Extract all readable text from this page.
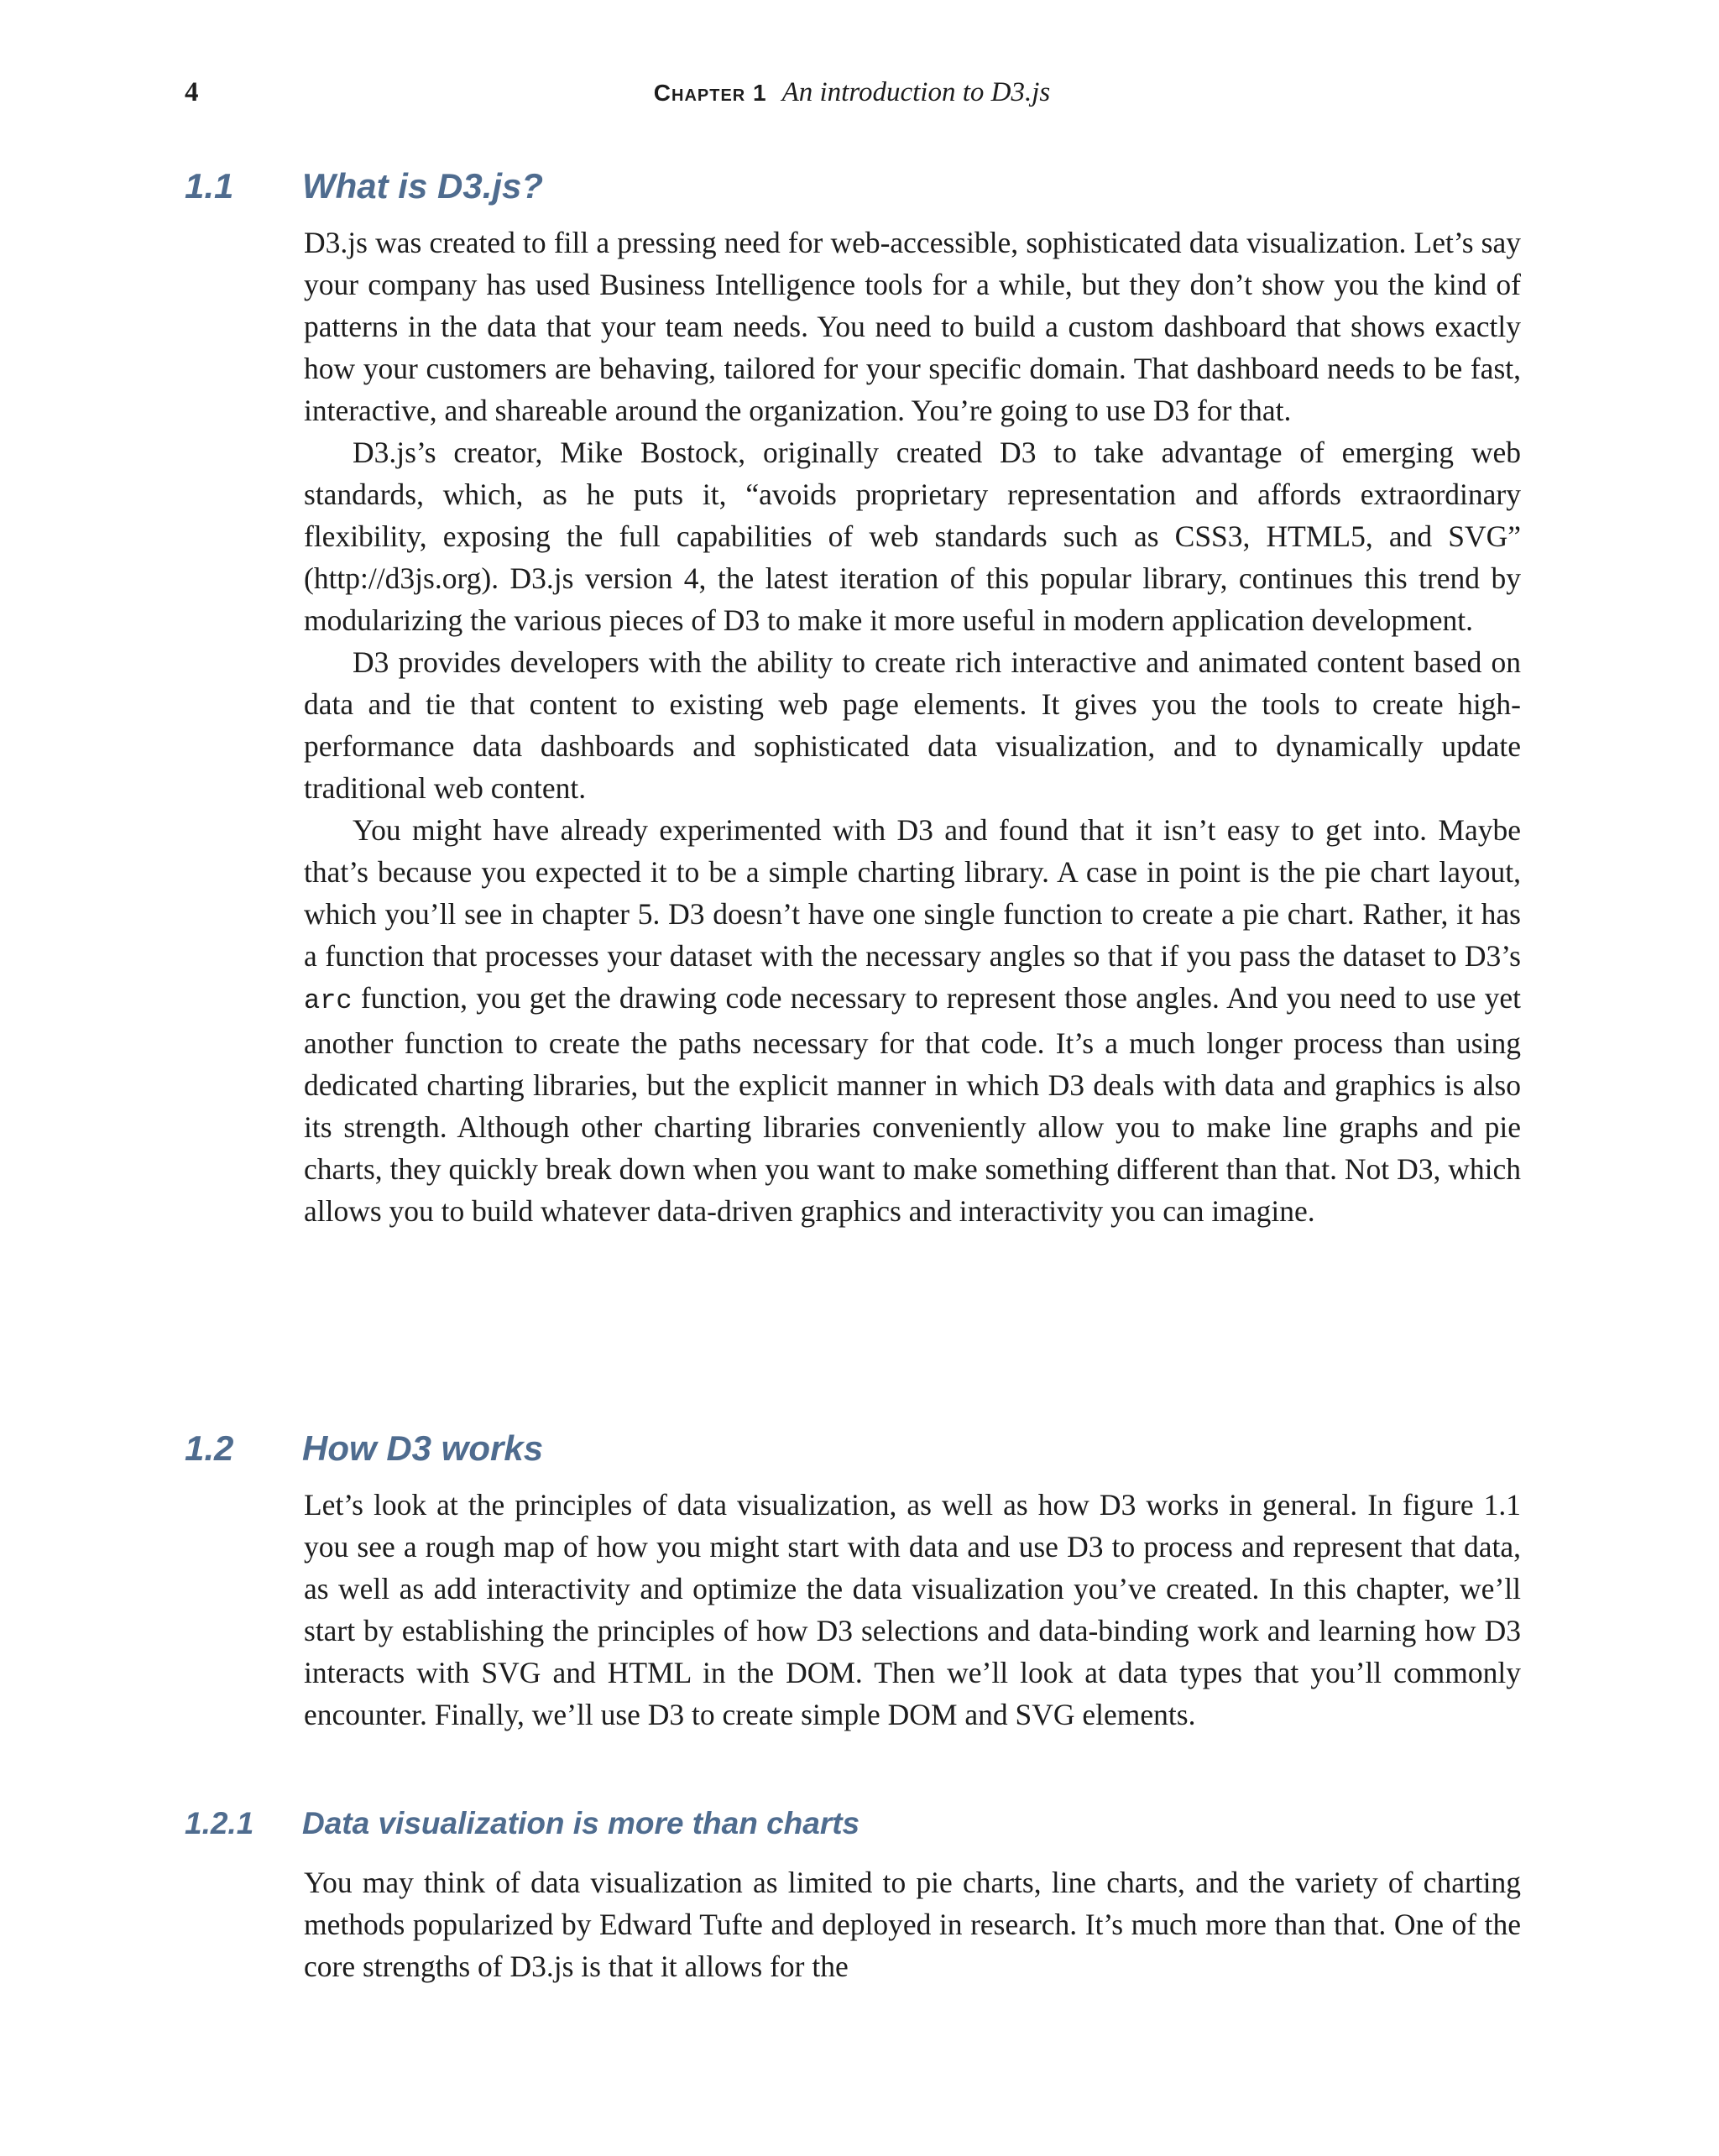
4	Chapter 1 An introduction to D3.js
1.1 What is D3.js?

D3.js was created to fill a pressing need for web-accessible, sophisticated data visualization. Let’s say your company has used Business Intelligence tools for a while, but they don’t show you the kind of patterns in the data that your team needs. You need to build a custom dashboard that shows exactly how your customers are behaving, tailored for your specific domain. That dashboard needs to be fast, interactive, and shareable around the organization. You’re going to use D3 for that.

D3.js’s creator, Mike Bostock, originally created D3 to take advantage of emerging web standards, which, as he puts it, “avoids proprietary representation and affords extraordinary flexibility, exposing the full capabilities of web standards such as CSS3, HTML5, and SVG” (http://d3js.org). D3.js version 4, the latest iteration of this popular library, continues this trend by modularizing the various pieces of D3 to make it more useful in modern application development.

D3 provides developers with the ability to create rich interactive and animated content based on data and tie that content to existing web page elements. It gives you the tools to create high-performance data dashboards and sophisticated data visualization, and to dynamically update traditional web content.

You might have already experimented with D3 and found that it isn’t easy to get into. Maybe that’s because you expected it to be a simple charting library. A case in point is the pie chart layout, which you’ll see in chapter 5. D3 doesn’t have one single function to create a pie chart. Rather, it has a function that processes your dataset with the necessary angles so that if you pass the dataset to D3’s arc function, you get the drawing code necessary to represent those angles. And you need to use yet another function to create the paths necessary for that code. It’s a much longer process than using dedicated charting libraries, but the explicit manner in which D3 deals with data and graphics is also its strength. Although other charting libraries conveniently allow you to make line graphs and pie charts, they quickly break down when you want to make something different than that. Not D3, which allows you to build whatever data-driven graphics and interactivity you can imagine.

1.2 How D3 works

Let’s look at the principles of data visualization, as well as how D3 works in general. In figure 1.1 you see a rough map of how you might start with data and use D3 to process and represent that data, as well as add interactivity and optimize the data visualization you’ve created. In this chapter, we’ll start by establishing the principles of how D3 selections and data-binding work and learning how D3 interacts with SVG and HTML in the DOM. Then we’ll look at data types that you’ll commonly encounter. Finally, we’ll use D3 to create simple DOM and SVG elements.

1.2.1 Data visualization is more than charts

You may think of data visualization as limited to pie charts, line charts, and the variety of charting methods popularized by Edward Tufte and deployed in research. It’s much more than that. One of the core strengths of D3.js is that it allows for the
